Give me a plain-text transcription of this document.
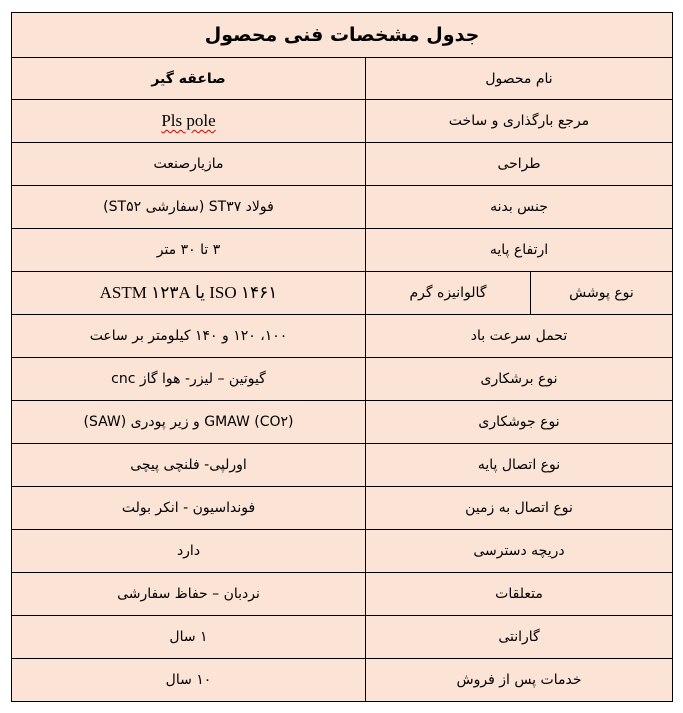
جدول مشخصات فنی محصول		
نام محصول		صاعقه گیر
مرجع بارگذاری و ساخت		Pls pole
طراحی		مازیارصنعت
جنس بدنه		فولاد ST۳۷ (سفارشی ST۵۲)
ارتفاع پایه		۳ تا ۳۰ متر
نوع پوشش	گالوانیزه گرم	ISO ۱۴۶۱ یا ASTM ۱۲۳A
تحمل سرعت باد		۱۰۰، ۱۲۰ و ۱۴۰ کیلومتر بر ساعت
نوع برشکاری		گیوتین – لیزر- هوا گاز cnc
نوع جوشکاری		GMAW (CO۲) و زیر پودری (SAW)
نوع اتصال پایه		اورلپی- فلنچی پیچی
نوع اتصال به زمین		فونداسیون - انکر بولت
دریچه دسترسی		دارد
متعلقات		نردبان – حفاظ سفارشی
گارانتی		۱ سال
خدمات پس از فروش		۱۰ سال
